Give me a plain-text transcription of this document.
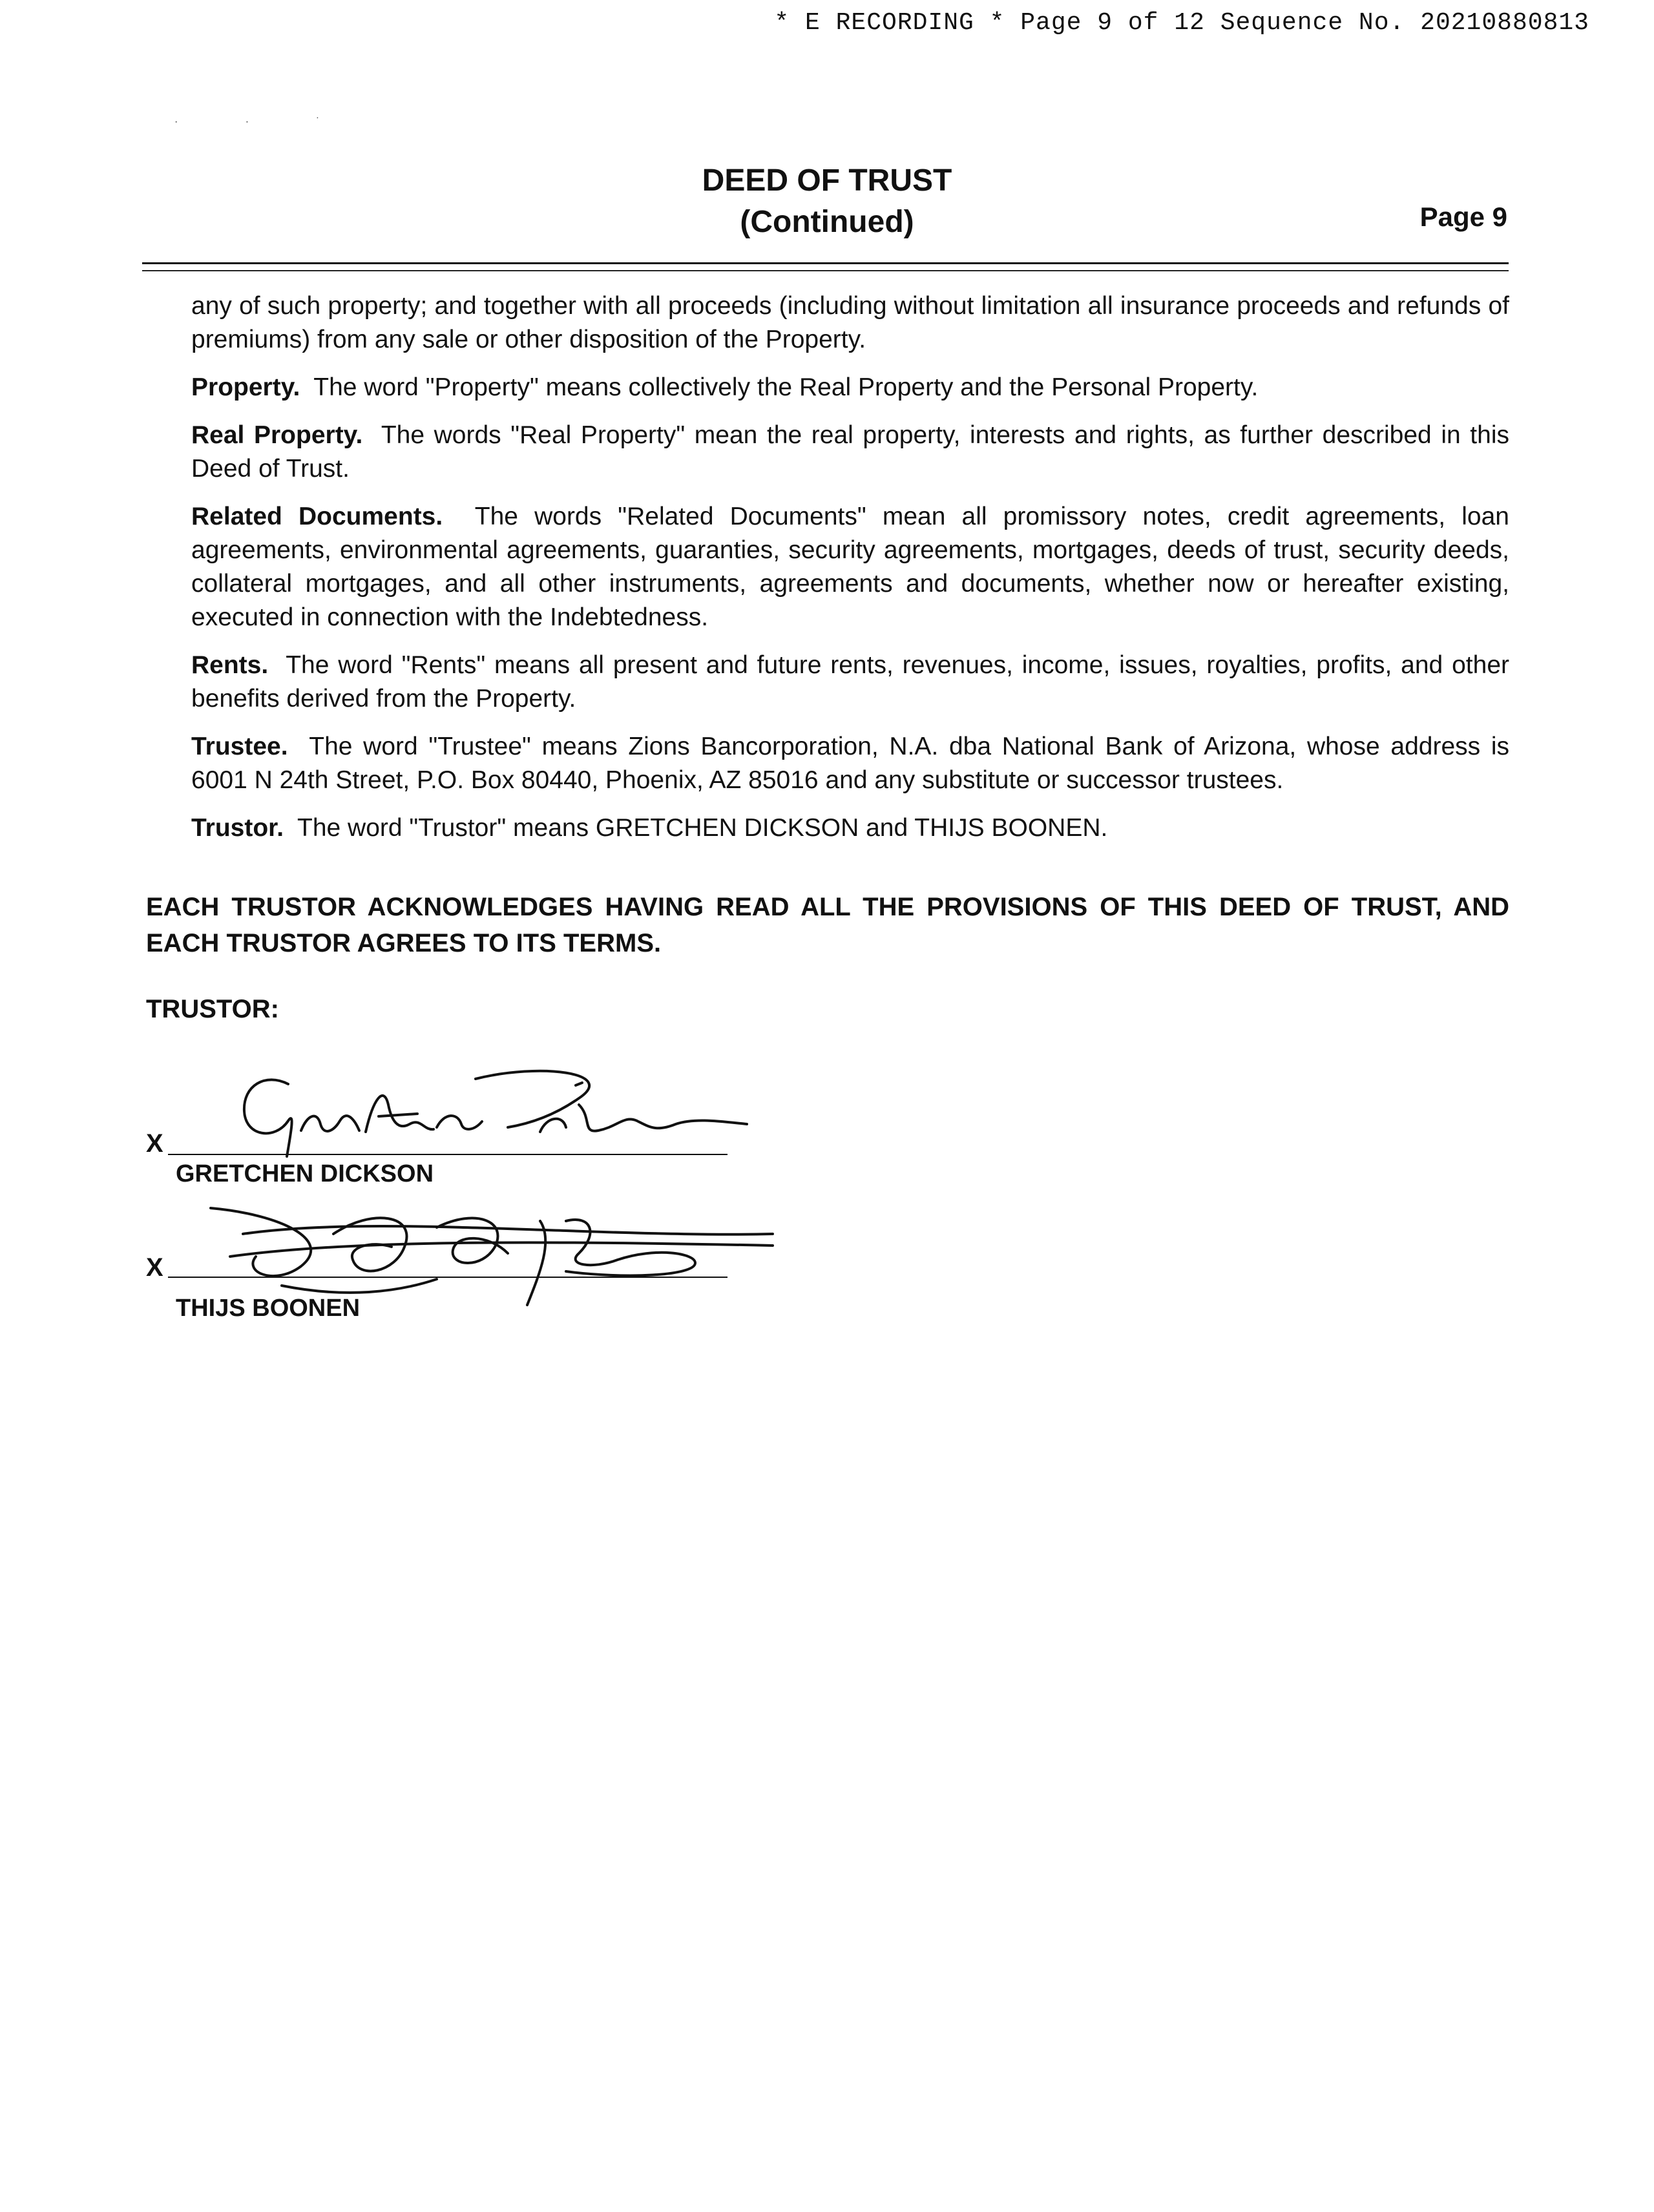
* E RECORDING * Page 9 of 12 Sequence No. 20210880813
· · ˙
DEED OF TRUST
(Continued)	Page 9

any of such property; and together with all proceeds (including without limitation all insurance proceeds and refunds of premiums) from any sale or other disposition of the Property.

Property. The word "Property" means collectively the Real Property and the Personal Property.

Real Property. The words "Real Property" mean the real property, interests and rights, as further described in this Deed of Trust.

Related Documents. The words "Related Documents" mean all promissory notes, credit agreements, loan agreements, environmental agreements, guaranties, security agreements, mortgages, deeds of trust, security deeds, collateral mortgages, and all other instruments, agreements and documents, whether now or hereafter existing, executed in connection with the Indebtedness.

Rents. The word "Rents" means all present and future rents, revenues, income, issues, royalties, profits, and other benefits derived from the Property.

Trustee. The word "Trustee" means Zions Bancorporation, N.A. dba National Bank of Arizona, whose address is 6001 N 24th Street, P.O. Box 80440, Phoenix, AZ 85016 and any substitute or successor trustees.

Trustor. The word "Trustor" means GRETCHEN DICKSON and THIJS BOONEN.

EACH TRUSTOR ACKNOWLEDGES HAVING READ ALL THE PROVISIONS OF THIS DEED OF TRUST, AND EACH TRUSTOR AGREES TO ITS TERMS.
TRUSTOR:
X
GRETCHEN DICKSON
X
THIJS BOONEN
